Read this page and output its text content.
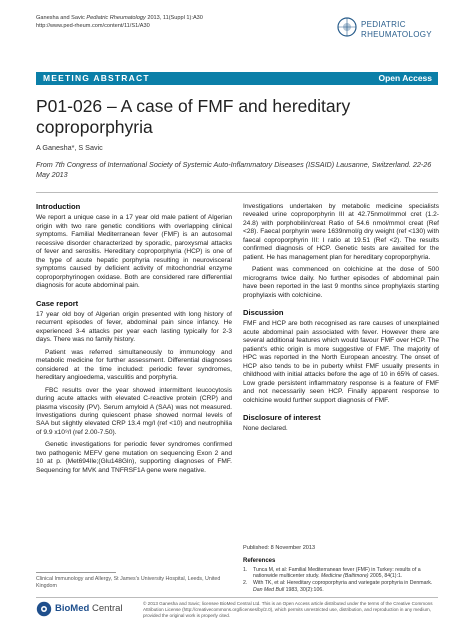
Ganesha and Savic Pediatric Rheumatology 2013, 11(Suppl 1):A30
http://www.ped-rheum.com/content/11/S1/A30	PEDIATRIC
RHEUMATOLOGY
MEETING ABSTRACT	Open Access
P01-026 – A case of FMF and hereditary coproporphyria
A Ganesha*, S Savic
From 7th Congress of International Society of Systemic Auto-Inflammatory Diseases (ISSAID) Lausanne, Switzerland. 22-26 May 2013
Introduction

We report a unique case in a 17 year old male patient of Algerian origin with two rare genetic conditions with overlapping clinical symptoms. Familial Mediterranean fever (FMF) is an autosomal recessive disorder characterized by sporadic, paroxysmal attacks of fever and serositis. Hereditary coproporphyria (HCP) is one of the type of acute hepatic porphyria resulting in neurovisceral symptoms caused by deficient activity of mitochondrial enzyme coproporphyrinogen oxidase. Both are considered rare differential diagnosis for acute abdominal pain.

Case report

17 year old boy of Algerian origin presented with long history of recurrent episodes of fever, abdominal pain since infancy. He experienced 3-4 attacks per year each lasting typically for 2-3 days. There was no family history.

Patient was referred simultaneously to immunology and metabolic medicine for further assessment. Differential diagnoses considered at the time included: periodic fever syndromes, hereditary angioedema, vasculitis and porphyria.

FBC results over the year showed intermittent leucocytosis during acute attacks with elevated C-reactive protein (CRP) and plasma viscosity (PV). Serum amyloid A (SAA) was not measured. Investigations during quiescent phase showed normal levels of SAA but slightly elevated CRP 13.4 mg/l (ref <10) and neutrophilia of 9.9 x10⁹/l (ref 2.00-7.50).

Genetic investigations for periodic fever syndromes confirmed two pathogenic MEFV gene mutation on sequencing Exon 2 and 10 at p. (Met694Ile;(Glu148Gln), supporting diagnoses of FMF. Sequencing for MVK and TNFRSF1A gene were negative.

Investigations undertaken by metabolic medicine specialists revealed urine coproporphyrin III at 42.75nmol/mmol cret (1.2-24.8) with porphobilin/creat Ratio of 54.6 nmol/mmol creat (Ref <28). Faecal porphyrin were 1639nmol/g dry weight (ref <130) with faecal coproporphyrin III: I ratio at 19.51 (Ref <2). The results confirmed diagnosis of HCP. Genetic tests are awaited for the patient. He has management plan for hereditary coproporphyria.

Patient was commenced on colchicine at the dose of 500 micrograms twice daily. No further episodes of abdominal pain have been reported in the last 9 months since prophylaxis starting prophylaxis with colchicine.

Discussion

FMF and HCP are both recognised as rare causes of unexplained acute abdominal pain associated with fever. However there are several additional features which would favour FMF over HCP. The patient's ethic origin is more suggestive of FMF. The majority of HPC was reported in the North European ancestry. The onset of HCP also tends to be in puberty whilst FMF usually presents in childhood with initial attacks before the age of 10 in 65% of cases. Low grade persistent inflammatory response is a feature of FMF and not necessarily seen HCP. Finally apparent response to colchicine would further support diagnosis of FMF.

Disclosure of interest

None declared.

Published: 8 November 2013
References
1.	Tunca M, et al: Familial Mediterranean fever (FMF) in Turkey: results of a nationwide multicenter study. Medicine (Baltimore) 2005, 84(1):1.
2.	With TK, et al: Hereditary coproporphyria and variegate porphyria in Denmark. Dan Med Bull 1983, 30(2):106.
Clinical Immunology and Allergy, St James's University Hospital, Leeds, United Kingdom
BioMed Central	© 2013 Ganesha and Savic; licensee BioMed Central Ltd. This is an Open Access article distributed under the terms of the Creative Commons Attribution License (http://creativecommons.org/licenses/by/2.0), which permits unrestricted use, distribution, and reproduction in any medium, provided the original work is properly cited.
